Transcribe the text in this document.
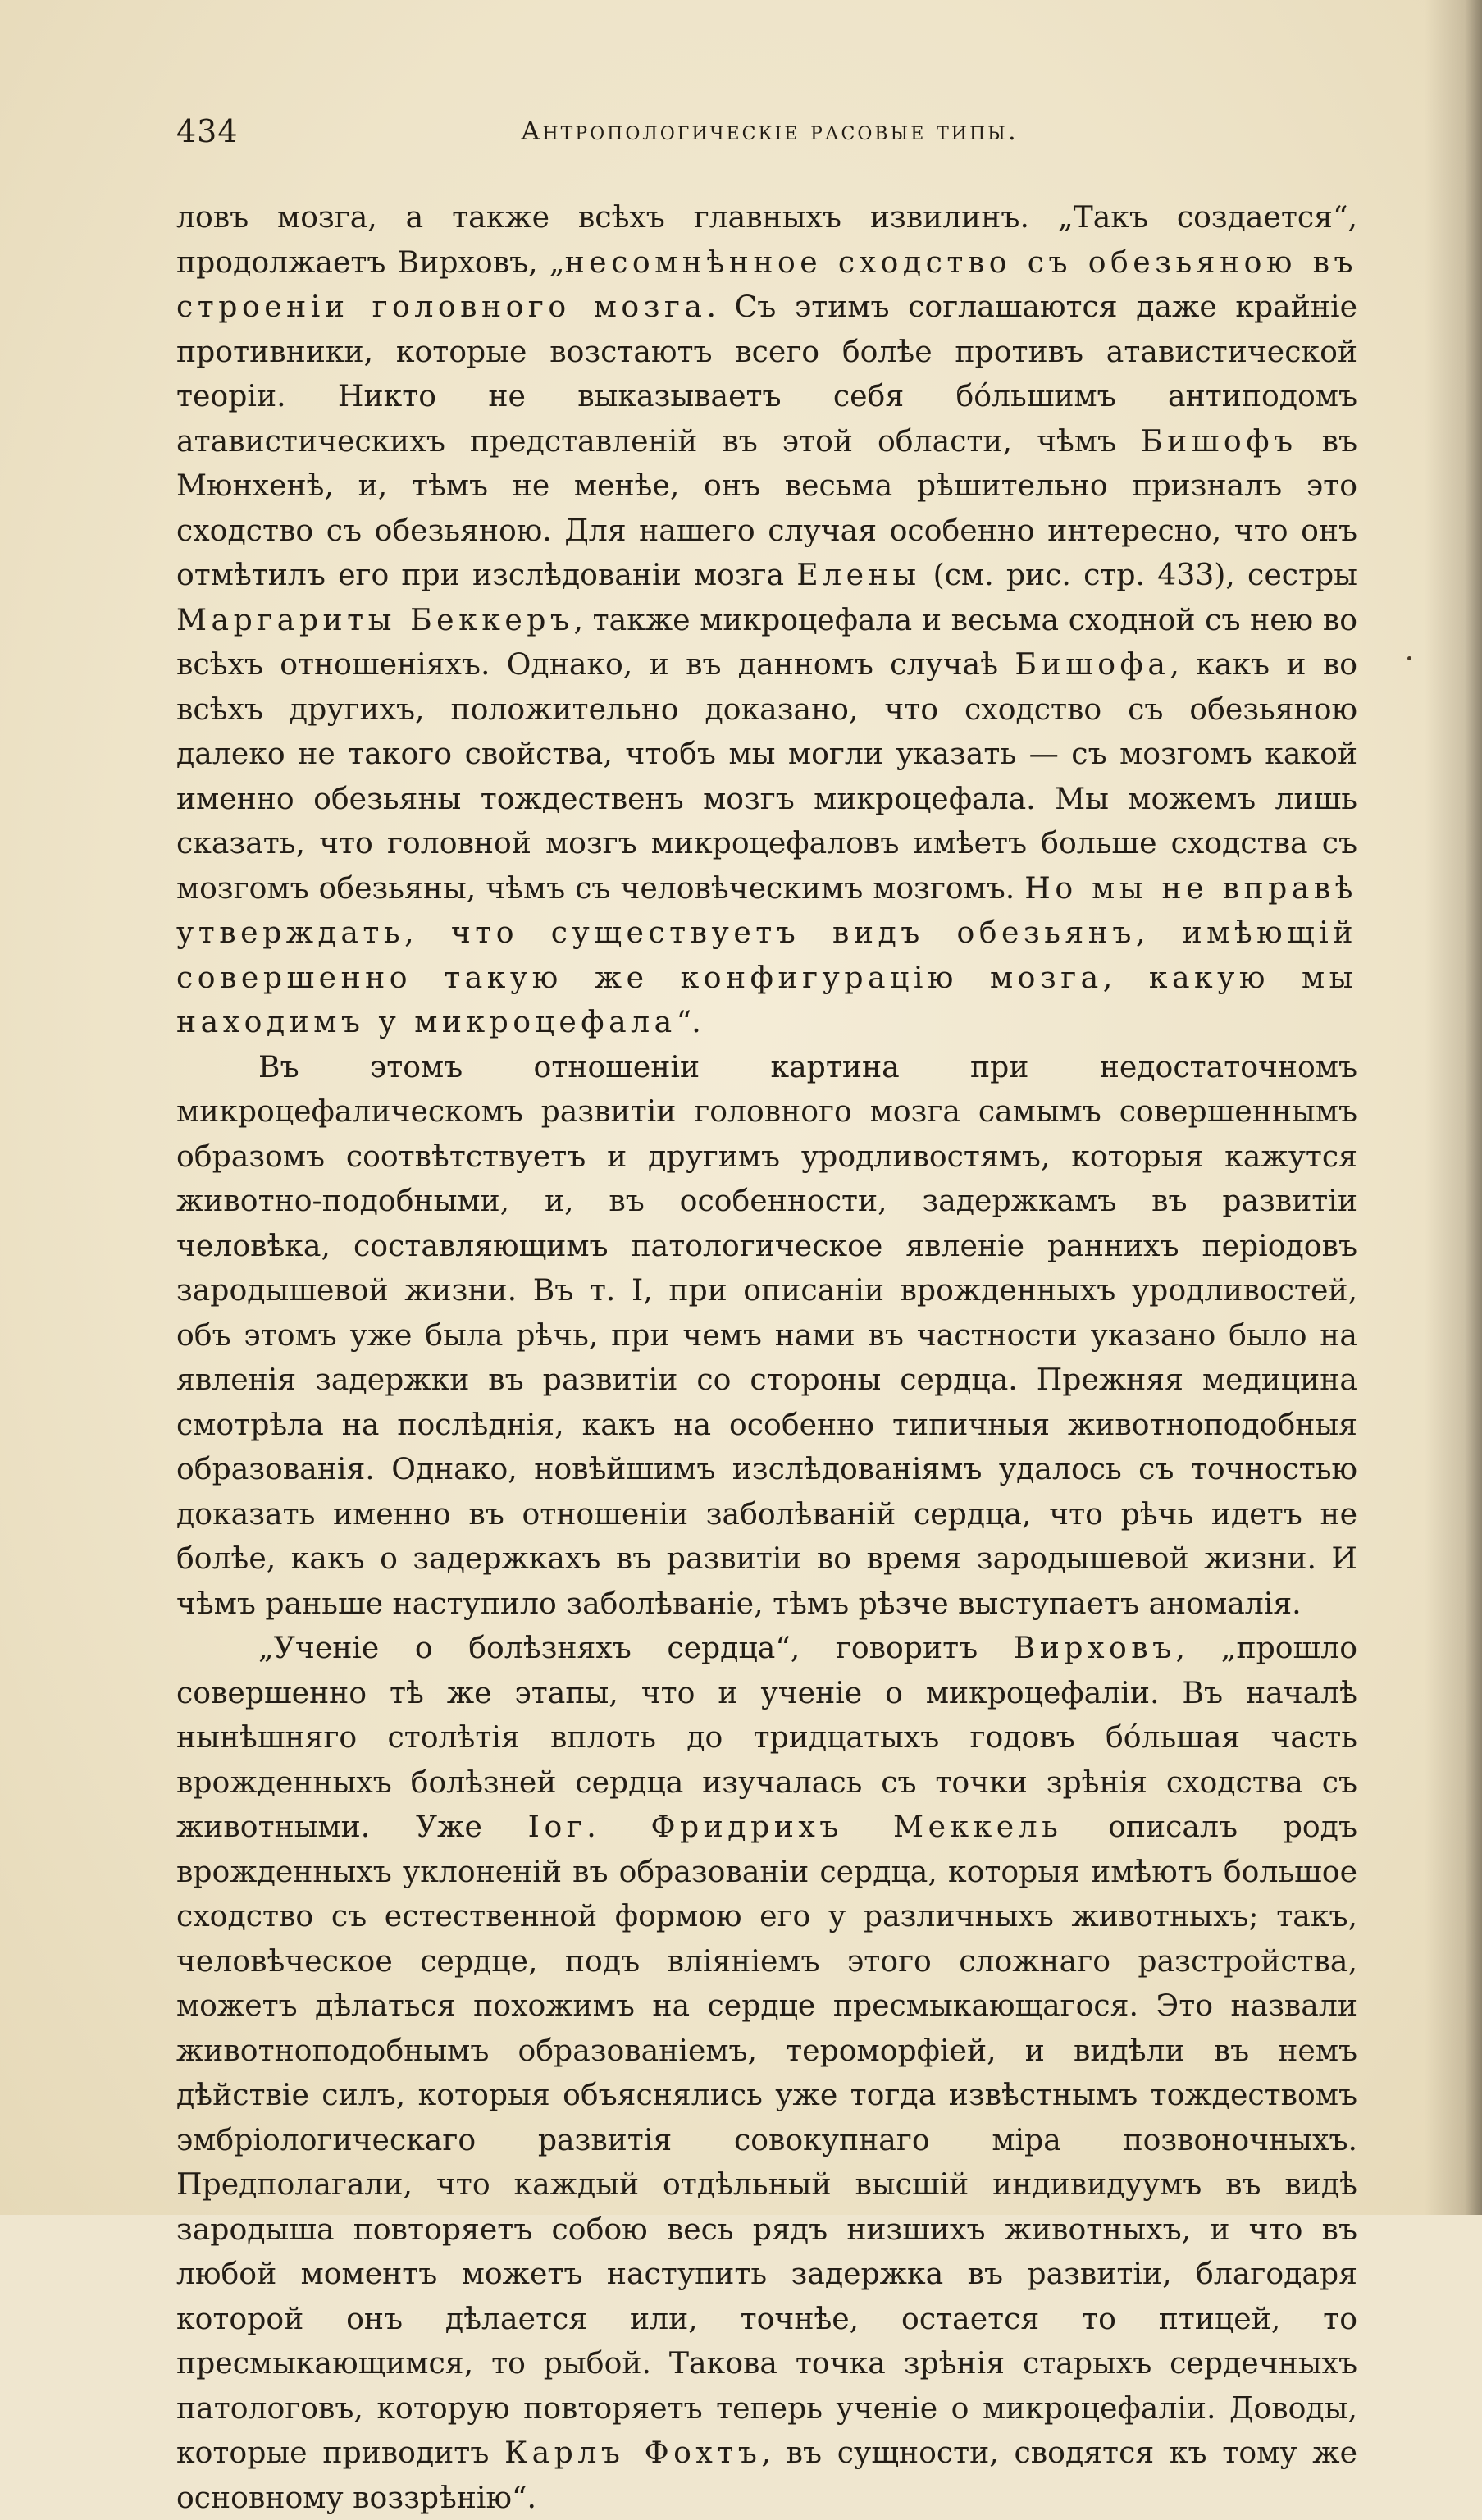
434	Антропологическіе расовые типы.

ловъ мозга, а также всѣхъ главныхъ извилинъ. „Такъ создается“, продолжаетъ Вирховъ, „несомнѣнное сходство съ обезьяною въ строеніи головного мозга. Съ этимъ соглашаются даже крайніе противники, которые возстаютъ всего болѣе противъ атавистической теоріи. Никто не выказываетъ себя бо́льшимъ антиподомъ атавистическихъ представленій въ этой области, чѣмъ Бишофъ въ Мюнхенѣ, и, тѣмъ не менѣе, онъ весьма рѣшительно призналъ это сходство съ обезьяною. Для нашего случая особенно интересно, что онъ отмѣтилъ его при изслѣдованіи мозга Елены (см. рис. стр. 433), сестры Маргариты Беккеръ, также микроцефала и весьма сходной съ нею во всѣхъ отношеніяхъ. Однако, и въ данномъ случаѣ Бишофа, какъ и во всѣхъ другихъ, положительно доказано, что сходство съ обезьяною далеко не такого свойства, чтобъ мы могли указать — съ мозгомъ какой именно обезьяны тождественъ мозгъ микроцефала. Мы можемъ лишь сказать, что головной мозгъ микроцефаловъ имѣетъ больше сходства съ мозгомъ обезьяны, чѣмъ съ человѣческимъ мозгомъ. Но мы не вправѣ утверждать, что существуетъ видъ обезьянъ, имѣющій совершенно такую же конфигурацію мозга, какую мы находимъ у микроцефала“.

Въ этомъ отношеніи картина при недостаточномъ микроцефалическомъ развитіи головного мозга самымъ совершеннымъ образомъ соотвѣтствуетъ и другимъ уродливостямъ, которыя кажутся животно-подобными, и, въ особенности, задержкамъ въ развитіи человѣка, составляющимъ патологическое явленіе раннихъ періодовъ зародышевой жизни. Въ т. I, при описаніи врожденныхъ уродливостей, объ этомъ уже была рѣчь, при чемъ нами въ частности указано было на явленія задержки въ развитіи со стороны сердца. Прежняя медицина смотрѣла на послѣднія, какъ на особенно типичныя животноподобныя образованія. Однако, новѣйшимъ изслѣдованіямъ удалось съ точностью доказать именно въ отношеніи заболѣваній сердца, что рѣчь идетъ не болѣе, какъ о задержкахъ въ развитіи во время зародышевой жизни. И чѣмъ раньше наступило заболѣваніе, тѣмъ рѣзче выступаетъ аномалія.

„Ученіе о болѣзняхъ сердца“, говоритъ Вирховъ, „прошло совершенно тѣ же этапы, что и ученіе о микроцефаліи. Въ началѣ нынѣшняго столѣтія вплоть до тридцатыхъ годовъ бо́льшая часть врожденныхъ болѣзней сердца изучалась съ точки зрѣнія сходства съ животными. Уже Іог. Фридрихъ Меккель описалъ родъ врожденныхъ уклоненій въ образованіи сердца, которыя имѣютъ большое сходство съ естественной формою его у различныхъ животныхъ; такъ, человѣческое сердце, подъ вліяніемъ этого сложнаго разстройства, можетъ дѣлаться похожимъ на сердце пресмыкающагося. Это назвали животноподобнымъ образованіемъ, тероморфіей, и видѣли въ немъ дѣйствіе силъ, которыя объяснялись уже тогда извѣстнымъ тождествомъ эмбріологическаго развитія совокупнаго міра позвоночныхъ. Предполагали, что каждый отдѣльный высшій индивидуумъ въ видѣ зародыша повторяетъ собою весь рядъ низшихъ животныхъ, и что въ любой моментъ можетъ наступить задержка въ развитіи, благодаря которой онъ дѣлается или, точнѣе, остается то птицей, то пресмыкающимся, то рыбой. Такова точка зрѣнія старыхъ сердечныхъ патологовъ, которую повторяетъ теперь ученіе о микроцефаліи. Доводы, которые приводитъ Карлъ Фохтъ, въ сущности, сводятся къ тому же основному воззрѣнію“.
